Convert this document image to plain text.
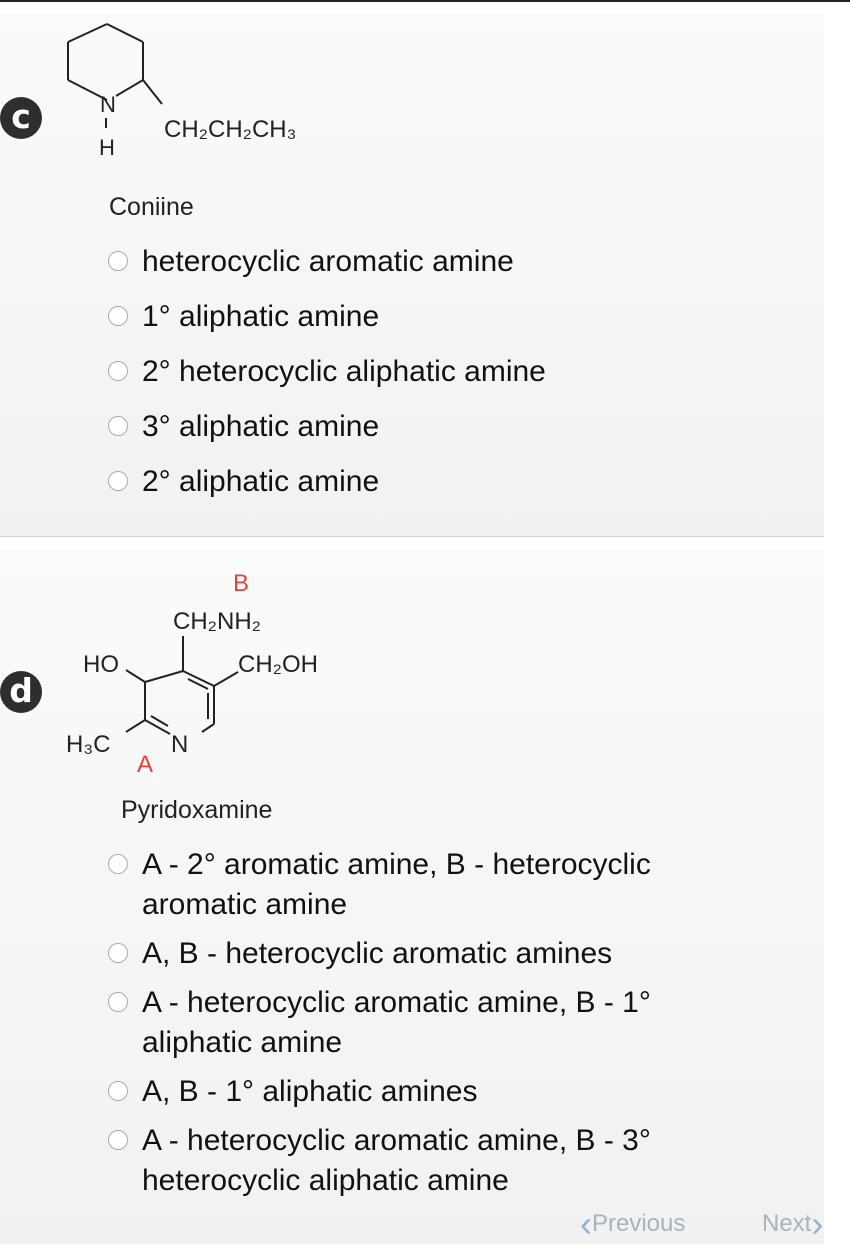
c	N
H
CH₂CH₂CH₃
Coniine
heterocyclic aromatic amine
1° aliphatic amine
2° heterocyclic aliphatic amine
3° aliphatic amine
2° aliphatic amine
d
B
CH₂NH₂
HO	CH₂OH
H₃C
A
N
Pyridoxamine
A - 2° aromatic amine, B - heterocyclic aromatic amine
A, B - heterocyclic aromatic amines
A - heterocyclic aromatic amine, B - 1° aliphatic amine
A, B - 1° aliphatic amines
A - heterocyclic aromatic amine, B - 3° heterocyclic aliphatic amine
‹ Previous	Next ›
